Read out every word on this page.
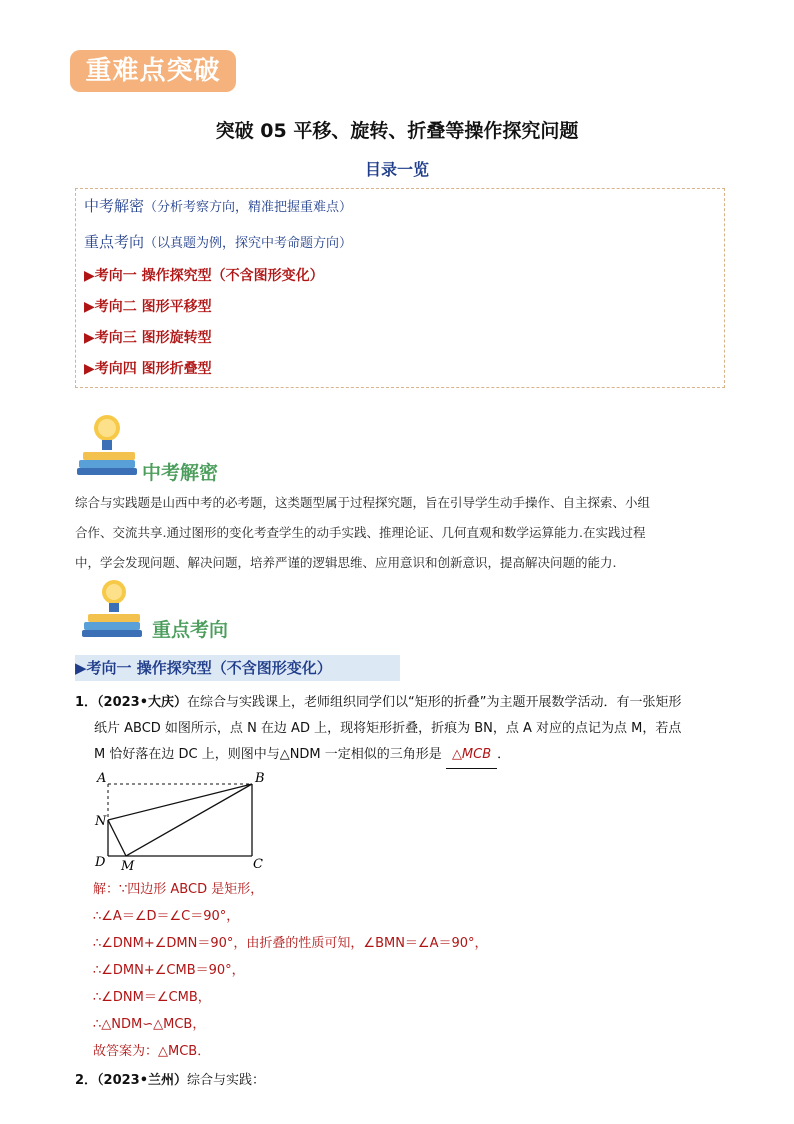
重难点突破
突破 05 平移、旋转、折叠等操作探究问题
目录一览
中考解密（分析考察方向，精准把握重难点）
重点考向（以真题为例，探究中考命题方向）
▶考向一 操作探究型（不含图形变化）
▶考向二 图形平移型
▶考向三 图形旋转型
▶考向四 图形折叠型
中考解密
综合与实践题是山西中考的必考题，这类题型属于过程探究题，旨在引导学生动手操作、自主探索、小组
合作、交流共享.通过图形的变化考查学生的动手实践、推理论证、几何直观和数学运算能力.在实践过程
中，学会发现问题、解决问题，培养严谨的逻辑思维、应用意识和创新意识，提高解决问题的能力.
重点考向
▶考向一 操作探究型（不含图形变化）
1．（2023•大庆）在综合与实践课上，老师组织同学们以“矩形的折叠”为主题开展数学活动．有一张矩形
纸片 ABCD 如图所示，点 N 在边 AD 上，现将矩形折叠，折痕为 BN，点 A 对应的点记为点 M，若点
M 恰好落在边 DC 上，则图中与△NDM 一定相似的三角形是 △MCB ．
A	B
C
D
N
M
解：∵四边形 ABCD 是矩形，
∴∠A＝∠D＝∠C＝90°，
∴∠DNM+∠DMN＝90°，由折叠的性质可知，∠BMN＝∠A＝90°，
∴∠DMN+∠CMB＝90°，
∴∠DNM＝∠CMB，
∴△NDM∽△MCB，
故答案为：△MCB．
2．（2023•兰州）综合与实践：
